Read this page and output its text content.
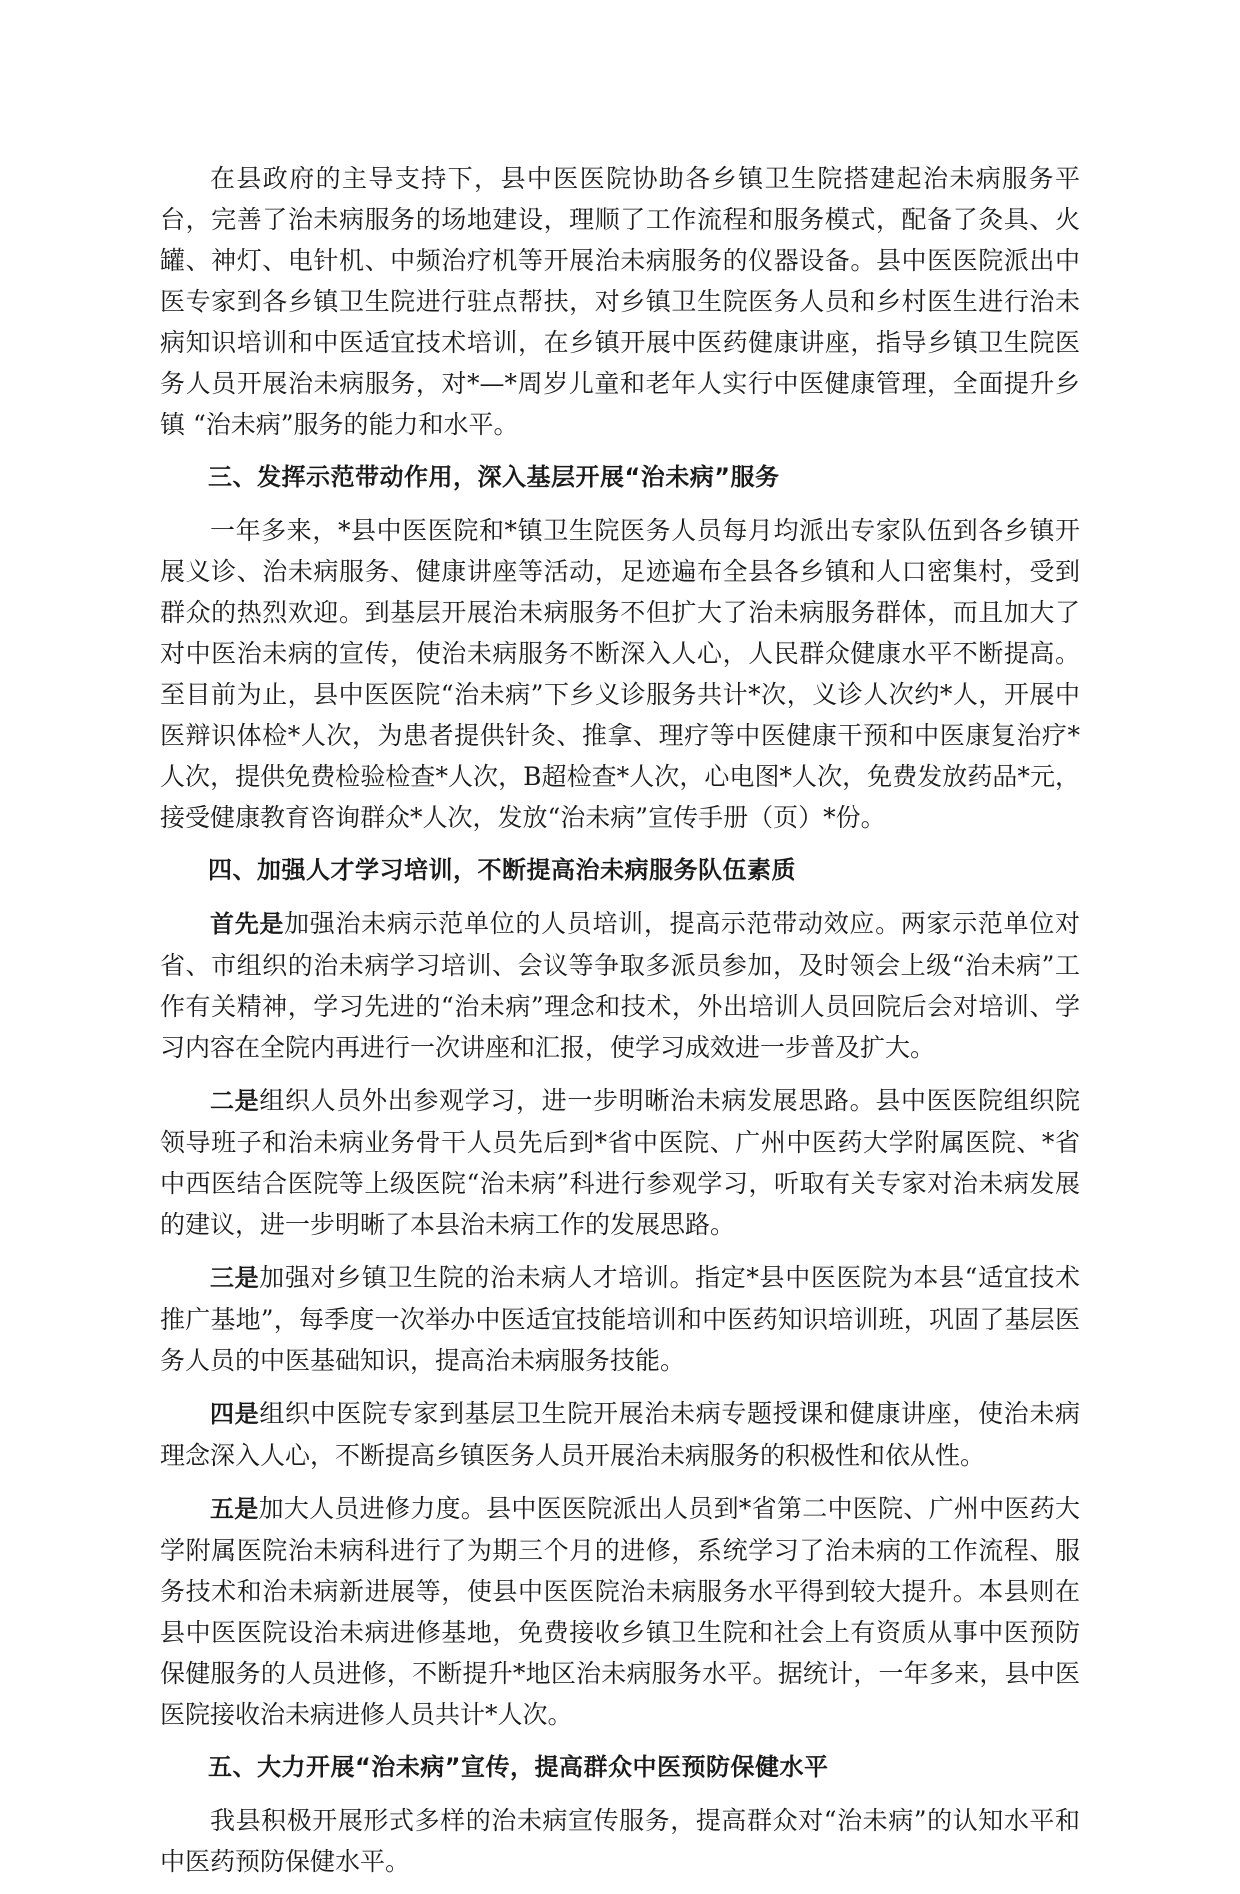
在县政府的主导支持下，县中医医院协助各乡镇卫生院搭建起治未病服务平台，完善了治未病服务的场地建设，理顺了工作流程和服务模式，配备了灸具、火罐、神灯、电针机、中频治疗机等开展治未病服务的仪器设备。县中医医院派出中医专家到各乡镇卫生院进行驻点帮扶，对乡镇卫生院医务人员和乡村医生进行治未病知识培训和中医适宜技术培训，在乡镇开展中医药健康讲座，指导乡镇卫生院医务人员开展治未病服务，对*—*周岁儿童和老年人实行中医健康管理，全面提升乡镇 “治未病”服务的能力和水平。

三、发挥示范带动作用，深入基层开展“治未病”服务

一年多来，*县中医医院和*镇卫生院医务人员每月均派出专家队伍到各乡镇开展义诊、治未病服务、健康讲座等活动，足迹遍布全县各乡镇和人口密集村，受到群众的热烈欢迎。到基层开展治未病服务不但扩大了治未病服务群体，而且加大了对中医治未病的宣传，使治未病服务不断深入人心，人民群众健康水平不断提高。至目前为止，县中医医院“治未病”下乡义诊服务共计*次，义诊人次约*人，开展中医辩识体检*人次，为患者提供针灸、推拿、理疗等中医健康干预和中医康复治疗*人次，提供免费检验检查*人次，B超检查*人次，心电图*人次，免费发放药品*元，接受健康教育咨询群众*人次，发放“治未病”宣传手册（页）*份。

四、加强人才学习培训，不断提高治未病服务队伍素质

首先是加强治未病示范单位的人员培训，提高示范带动效应。两家示范单位对省、市组织的治未病学习培训、会议等争取多派员参加，及时领会上级“治未病”工作有关精神，学习先进的“治未病”理念和技术，外出培训人员回院后会对培训、学习内容在全院内再进行一次讲座和汇报，使学习成效进一步普及扩大。

二是组织人员外出参观学习，进一步明晰治未病发展思路。县中医医院组织院领导班子和治未病业务骨干人员先后到*省中医院、广州中医药大学附属医院、*省中西医结合医院等上级医院“治未病”科进行参观学习，听取有关专家对治未病发展的建议，进一步明晰了本县治未病工作的发展思路。

三是加强对乡镇卫生院的治未病人才培训。指定*县中医医院为本县“适宜技术推广基地”，每季度一次举办中医适宜技能培训和中医药知识培训班，巩固了基层医务人员的中医基础知识，提高治未病服务技能。

四是组织中医院专家到基层卫生院开展治未病专题授课和健康讲座，使治未病理念深入人心，不断提高乡镇医务人员开展治未病服务的积极性和依从性。

五是加大人员进修力度。县中医医院派出人员到*省第二中医院、广州中医药大学附属医院治未病科进行了为期三个月的进修，系统学习了治未病的工作流程、服务技术和治未病新进展等，使县中医医院治未病服务水平得到较大提升。本县则在县中医医院设治未病进修基地，免费接收乡镇卫生院和社会上有资质从事中医预防保健服务的人员进修，不断提升*地区治未病服务水平。据统计，一年多来，县中医医院接收治未病进修人员共计*人次。

五、大力开展“治未病”宣传，提高群众中医预防保健水平

我县积极开展形式多样的治未病宣传服务，提高群众对“治未病”的认知水平和中医药预防保健水平。
